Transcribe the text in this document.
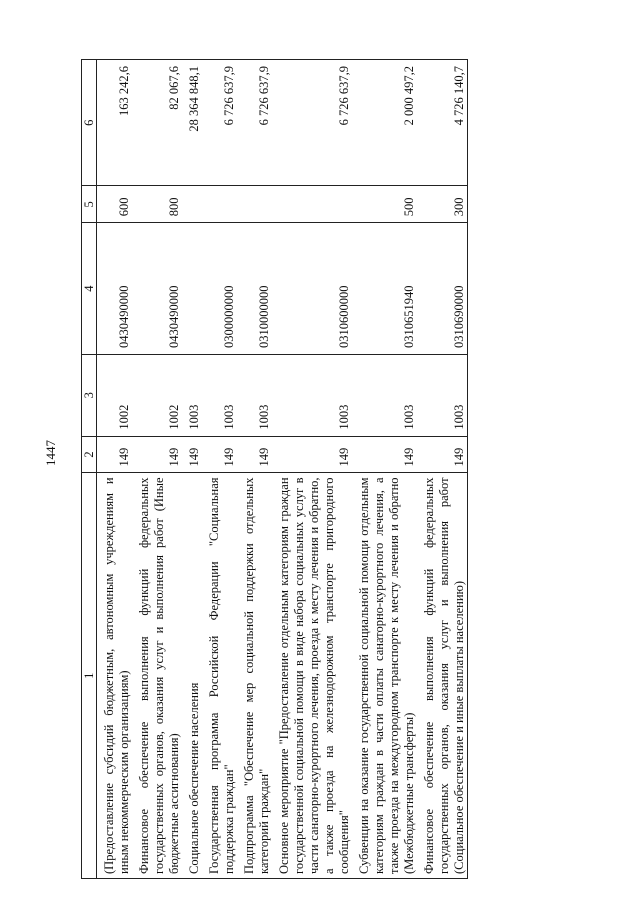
1447
1	2	3	4	5	6
(Предоставление субсидий бюджетным, автономным учреждениям и иным некоммерческим организациям)	149	1002	0430490000	600	163 242,6
Финансовое обеспечение выполнения функций федеральных государственных органов, оказания услуг и выполнения работ (Иные бюджетные ассигнования)	149	1002	0430490000	800	82 067,6
Социальное обеспечение населения	149	1003			28 364 848,1
Государственная программа Российской Федерации "Социальная поддержка граждан"	149	1003	0300000000		6 726 637,9
Подпрограмма "Обеспечение мер социальной поддержки отдельных категорий граждан"	149	1003	0310000000		6 726 637,9
Основное мероприятие "Предоставление отдельным категориям граждан государственной социальной помощи в виде набора социальных услуг в части санаторно-курортного лечения, проезда к месту лечения и обратно, а также проезда на железнодорожном транспорте пригородного сообщения"	149	1003	0310600000		6 726 637,9
Субвенции на оказание государственной социальной помощи отдельным категориям граждан в части оплаты санаторно-курортного лечения, а также проезда на междугородном транспорте к месту лечения и обратно (Межбюджетные трансферты)	149	1003	0310651940	500	2 000 497,2
Финансовое обеспечение выполнения функций федеральных государственных органов, оказания услуг и выполнения работ (Социальное обеспечение и иные выплаты населению)	149	1003	0310690000	300	4 726 140,7
